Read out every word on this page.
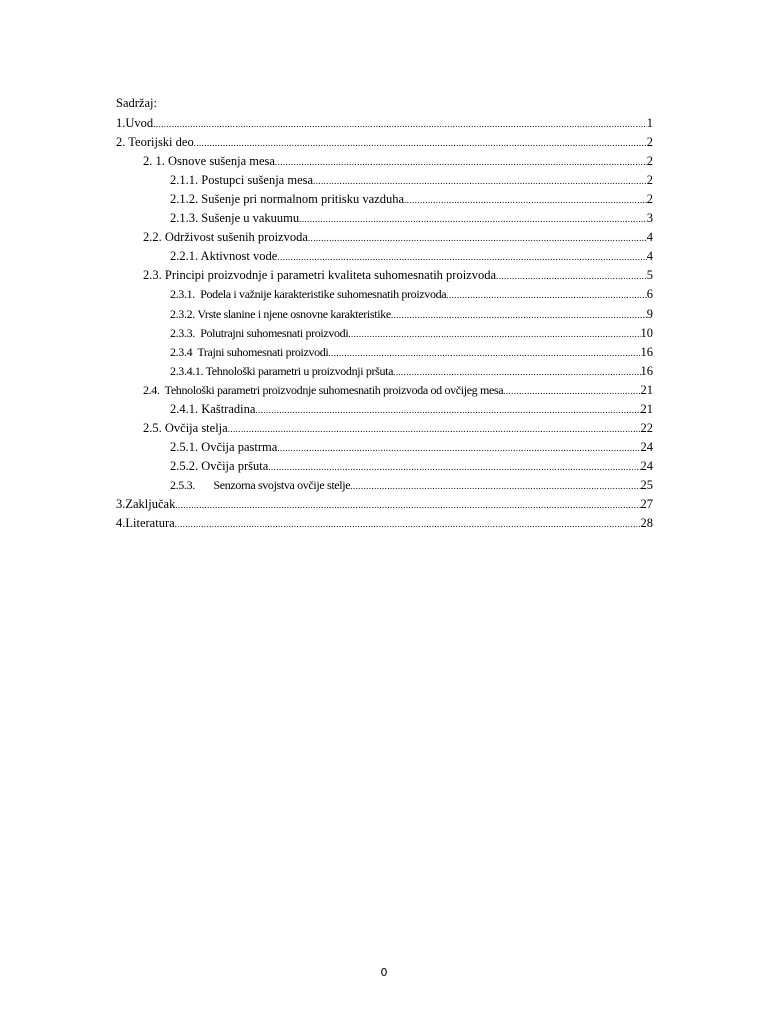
Sadržaj:
1.Uvod .....	1
2. Teorijski deo .....	2
2. 1. Osnove sušenja mesa .....	2
2.1.1. Postupci sušenja mesa .....	2
2.1.2. Sušenje pri normalnom pritisku vazduha .....	2
2.1.3. Sušenje u vakuumu .....	3
2.2. Održivost sušenih proizvoda .....	4
2.2.1. Aktivnost vode .....	4
2.3. Principi proizvodnje i parametri kvaliteta suhomesnatih proizvoda .....	5
2.3.1.  Podela i važnije karakteristike suhomesnatih proizvoda .....	6
2.3.2. Vrste slanine i njene osnovne karakteristike .....	9
2.3.3.  Polutrajni suhomesnati proizvodi .....	10
2.3.4  Trajni suhomesnati proizvodi .....	16
2.3.4.1. Tehnološki parametri u proizvodnji pršuta .....	16
2.4.  Tehnološki parametri proizvodnje suhomesnatih proizvoda od ovčijeg mesa .....	21
2.4.1. Kaštradina .....	21
2.5. Ovčija stelja .....	22
2.5.1. Ovčija pastrma .....	24
2.5.2. Ovčija pršuta .....	24
2.5.3.       Senzorna svojstva ovčije stelje .....	25
3.Zaključak .....	27
4.Literatura .....	28
0
